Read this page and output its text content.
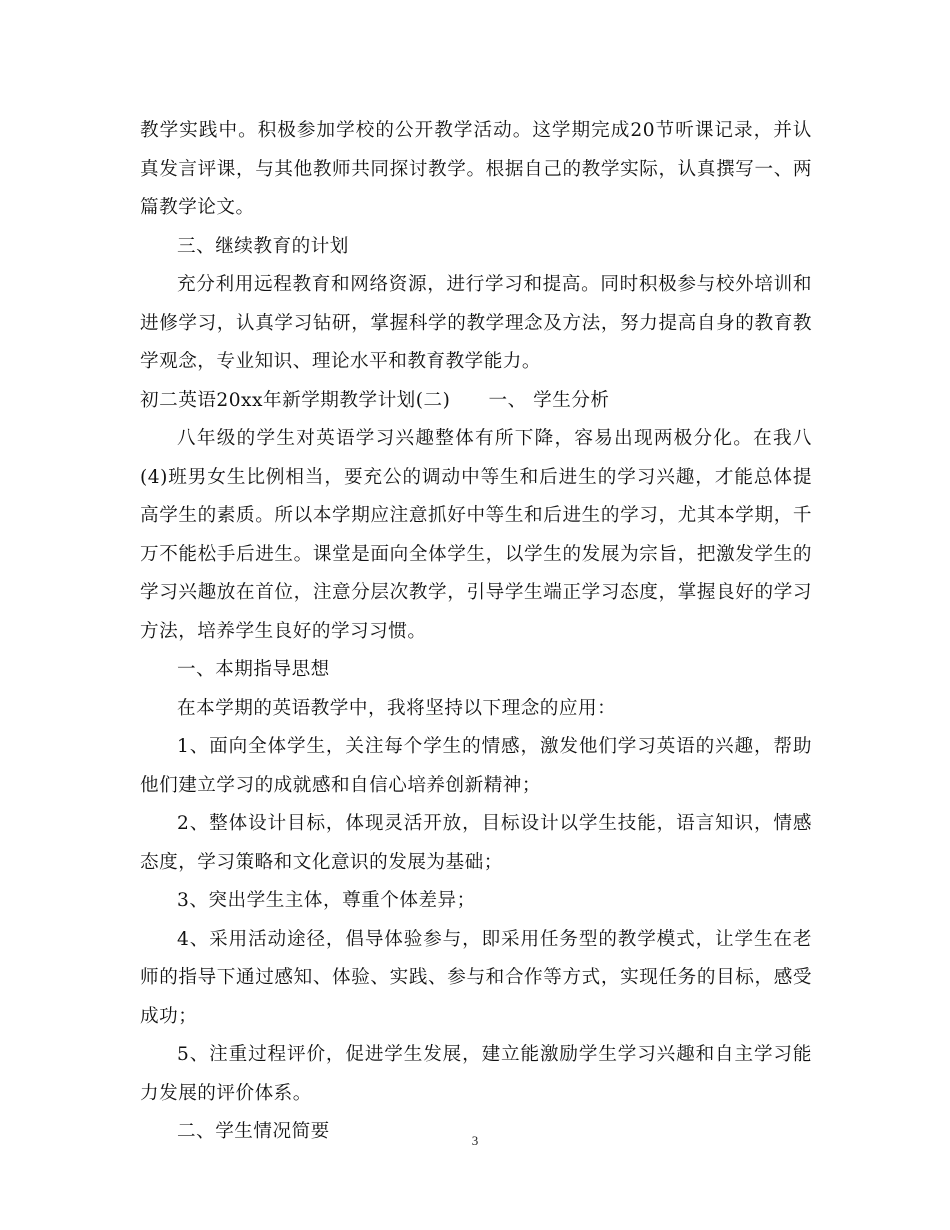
教学实践中。积极参加学校的公开教学活动。这学期完成20节听课记录，并认真发言评课，与其他教师共同探讨教学。根据自己的教学实际，认真撰写一、两篇教学论文。

三、继续教育的计划

充分利用远程教育和网络资源，进行学习和提高。同时积极参与校外培训和进修学习，认真学习钻研，掌握科学的教学理念及方法，努力提高自身的教育教学观念，专业知识、理论水平和教育教学能力。

初二英语20xx年新学期教学计划(二)　　一、 学生分析

八年级的学生对英语学习兴趣整体有所下降，容易出现两极分化。在我八(4)班男女生比例相当，要充公的调动中等生和后进生的学习兴趣，才能总体提高学生的素质。所以本学期应注意抓好中等生和后进生的学习，尤其本学期，千万不能松手后进生。课堂是面向全体学生，以学生的发展为宗旨，把激发学生的学习兴趣放在首位，注意分层次教学，引导学生端正学习态度，掌握良好的学习方法，培养学生良好的学习习惯。

一、本期指导思想

在本学期的英语教学中，我将坚持以下理念的应用：

1、面向全体学生，关注每个学生的情感，激发他们学习英语的兴趣，帮助他们建立学习的成就感和自信心培养创新精神；

2、整体设计目标，体现灵活开放，目标设计以学生技能，语言知识，情感态度，学习策略和文化意识的发展为基础；

3、突出学生主体，尊重个体差异；

4、采用活动途径，倡导体验参与，即采用任务型的教学模式，让学生在老师的指导下通过感知、体验、实践、参与和合作等方式，实现任务的目标，感受成功；

5、注重过程评价，促进学生发展，建立能激励学生学习兴趣和自主学习能力发展的评价体系。

二、学生情况简要	3
